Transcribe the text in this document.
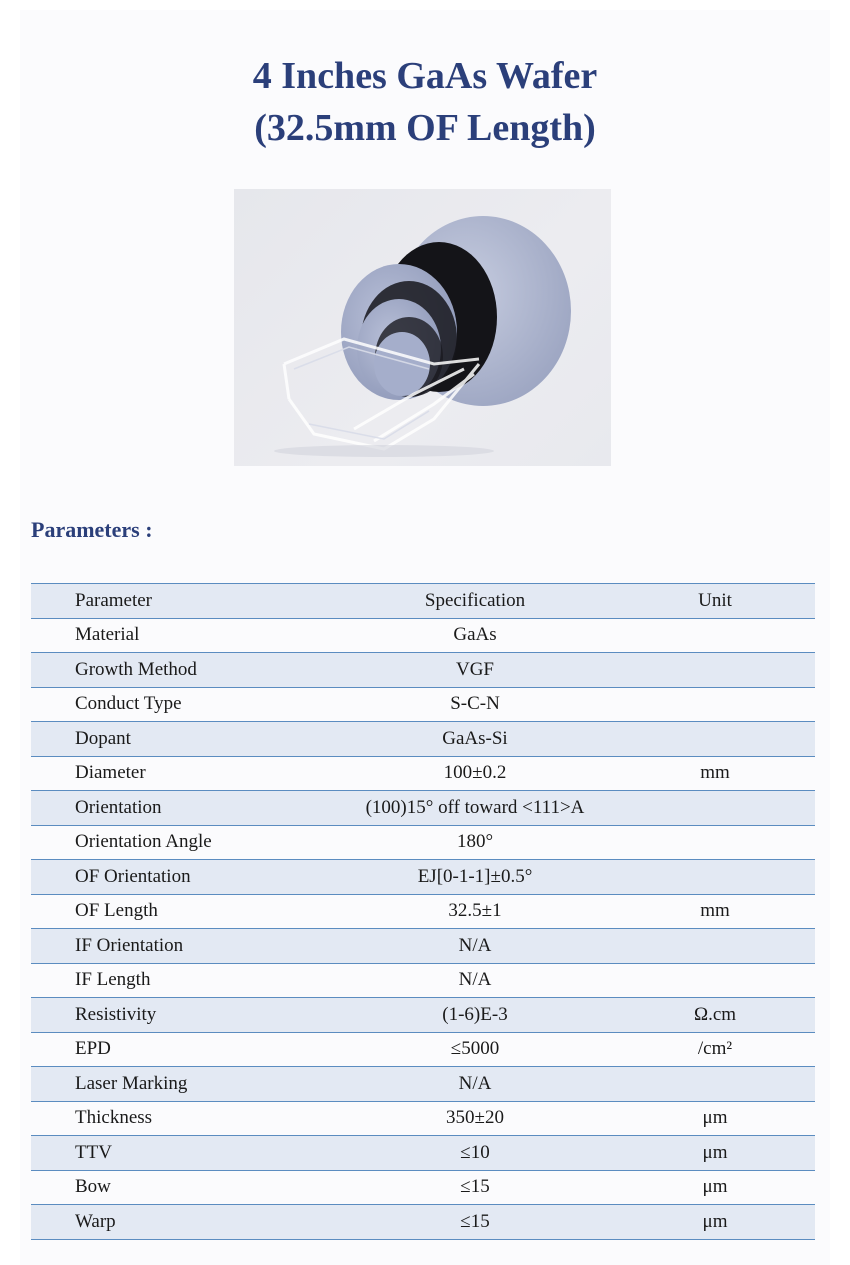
4 Inches GaAs Wafer
(32.5mm OF Length)
Parameters :
Parameter	Specification	Unit
Material	GaAs	
Growth Method	VGF	
Conduct Type	S-C-N	
Dopant	GaAs-Si	
Diameter	100±0.2	mm
Orientation	(100)15° off toward <111>A	
Orientation Angle	180°	
OF Orientation	EJ[0-1-1]±0.5°	
OF Length	32.5±1	mm
IF Orientation	N/A	
IF Length	N/A	
Resistivity	(1-6)E-3	Ω.cm
EPD	≤5000	/cm²
Laser Marking	N/A	
Thickness	350±20	μm
TTV	≤10	μm
Bow	≤15	μm
Warp	≤15	μm
